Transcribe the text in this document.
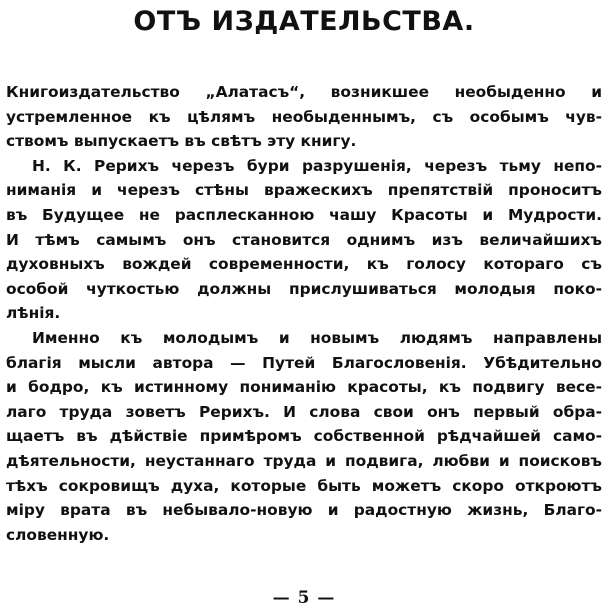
ОТЪ ИЗДАТЕЛЬСТВА.
Книгоиздательство „Алатасъ“, возникшее необыденно и
устремленное къ цѣлямъ необыденнымъ, съ особымъ чув-
ствомъ выпускаетъ въ свѣтъ эту книгу.
Н. К. Рерихъ черезъ бури разрушенія, черезъ тьму непо-
ниманія и черезъ стѣны вражескихъ препятствій проноситъ
въ Будущее не расплесканною чашу Красоты и Мудрости.
И тѣмъ самымъ онъ становится однимъ изъ величайшихъ
духовныхъ вождей современности, къ голосу котораго съ
особой чуткостью должны прислушиваться молодыя поко-
лѣнія.
Именно къ молодымъ и новымъ людямъ направлены
благія мысли автора — Путей Благословенія. Убѣдительно
и бодро, къ истинному пониманію красоты, къ подвигу весе-
лаго труда зоветъ Рерихъ. И слова свои онъ первый обра-
щаетъ въ дѣйствіе примѣромъ собственной рѣдчайшей само-
дѣятельности, неустаннаго труда и подвига, любви и поисковъ
тѣхъ сокровищъ духа, которые быть можетъ скоро откроютъ
міру врата въ небывало-новую и радостную жизнь, Благо-
словенную.
— 5 —
